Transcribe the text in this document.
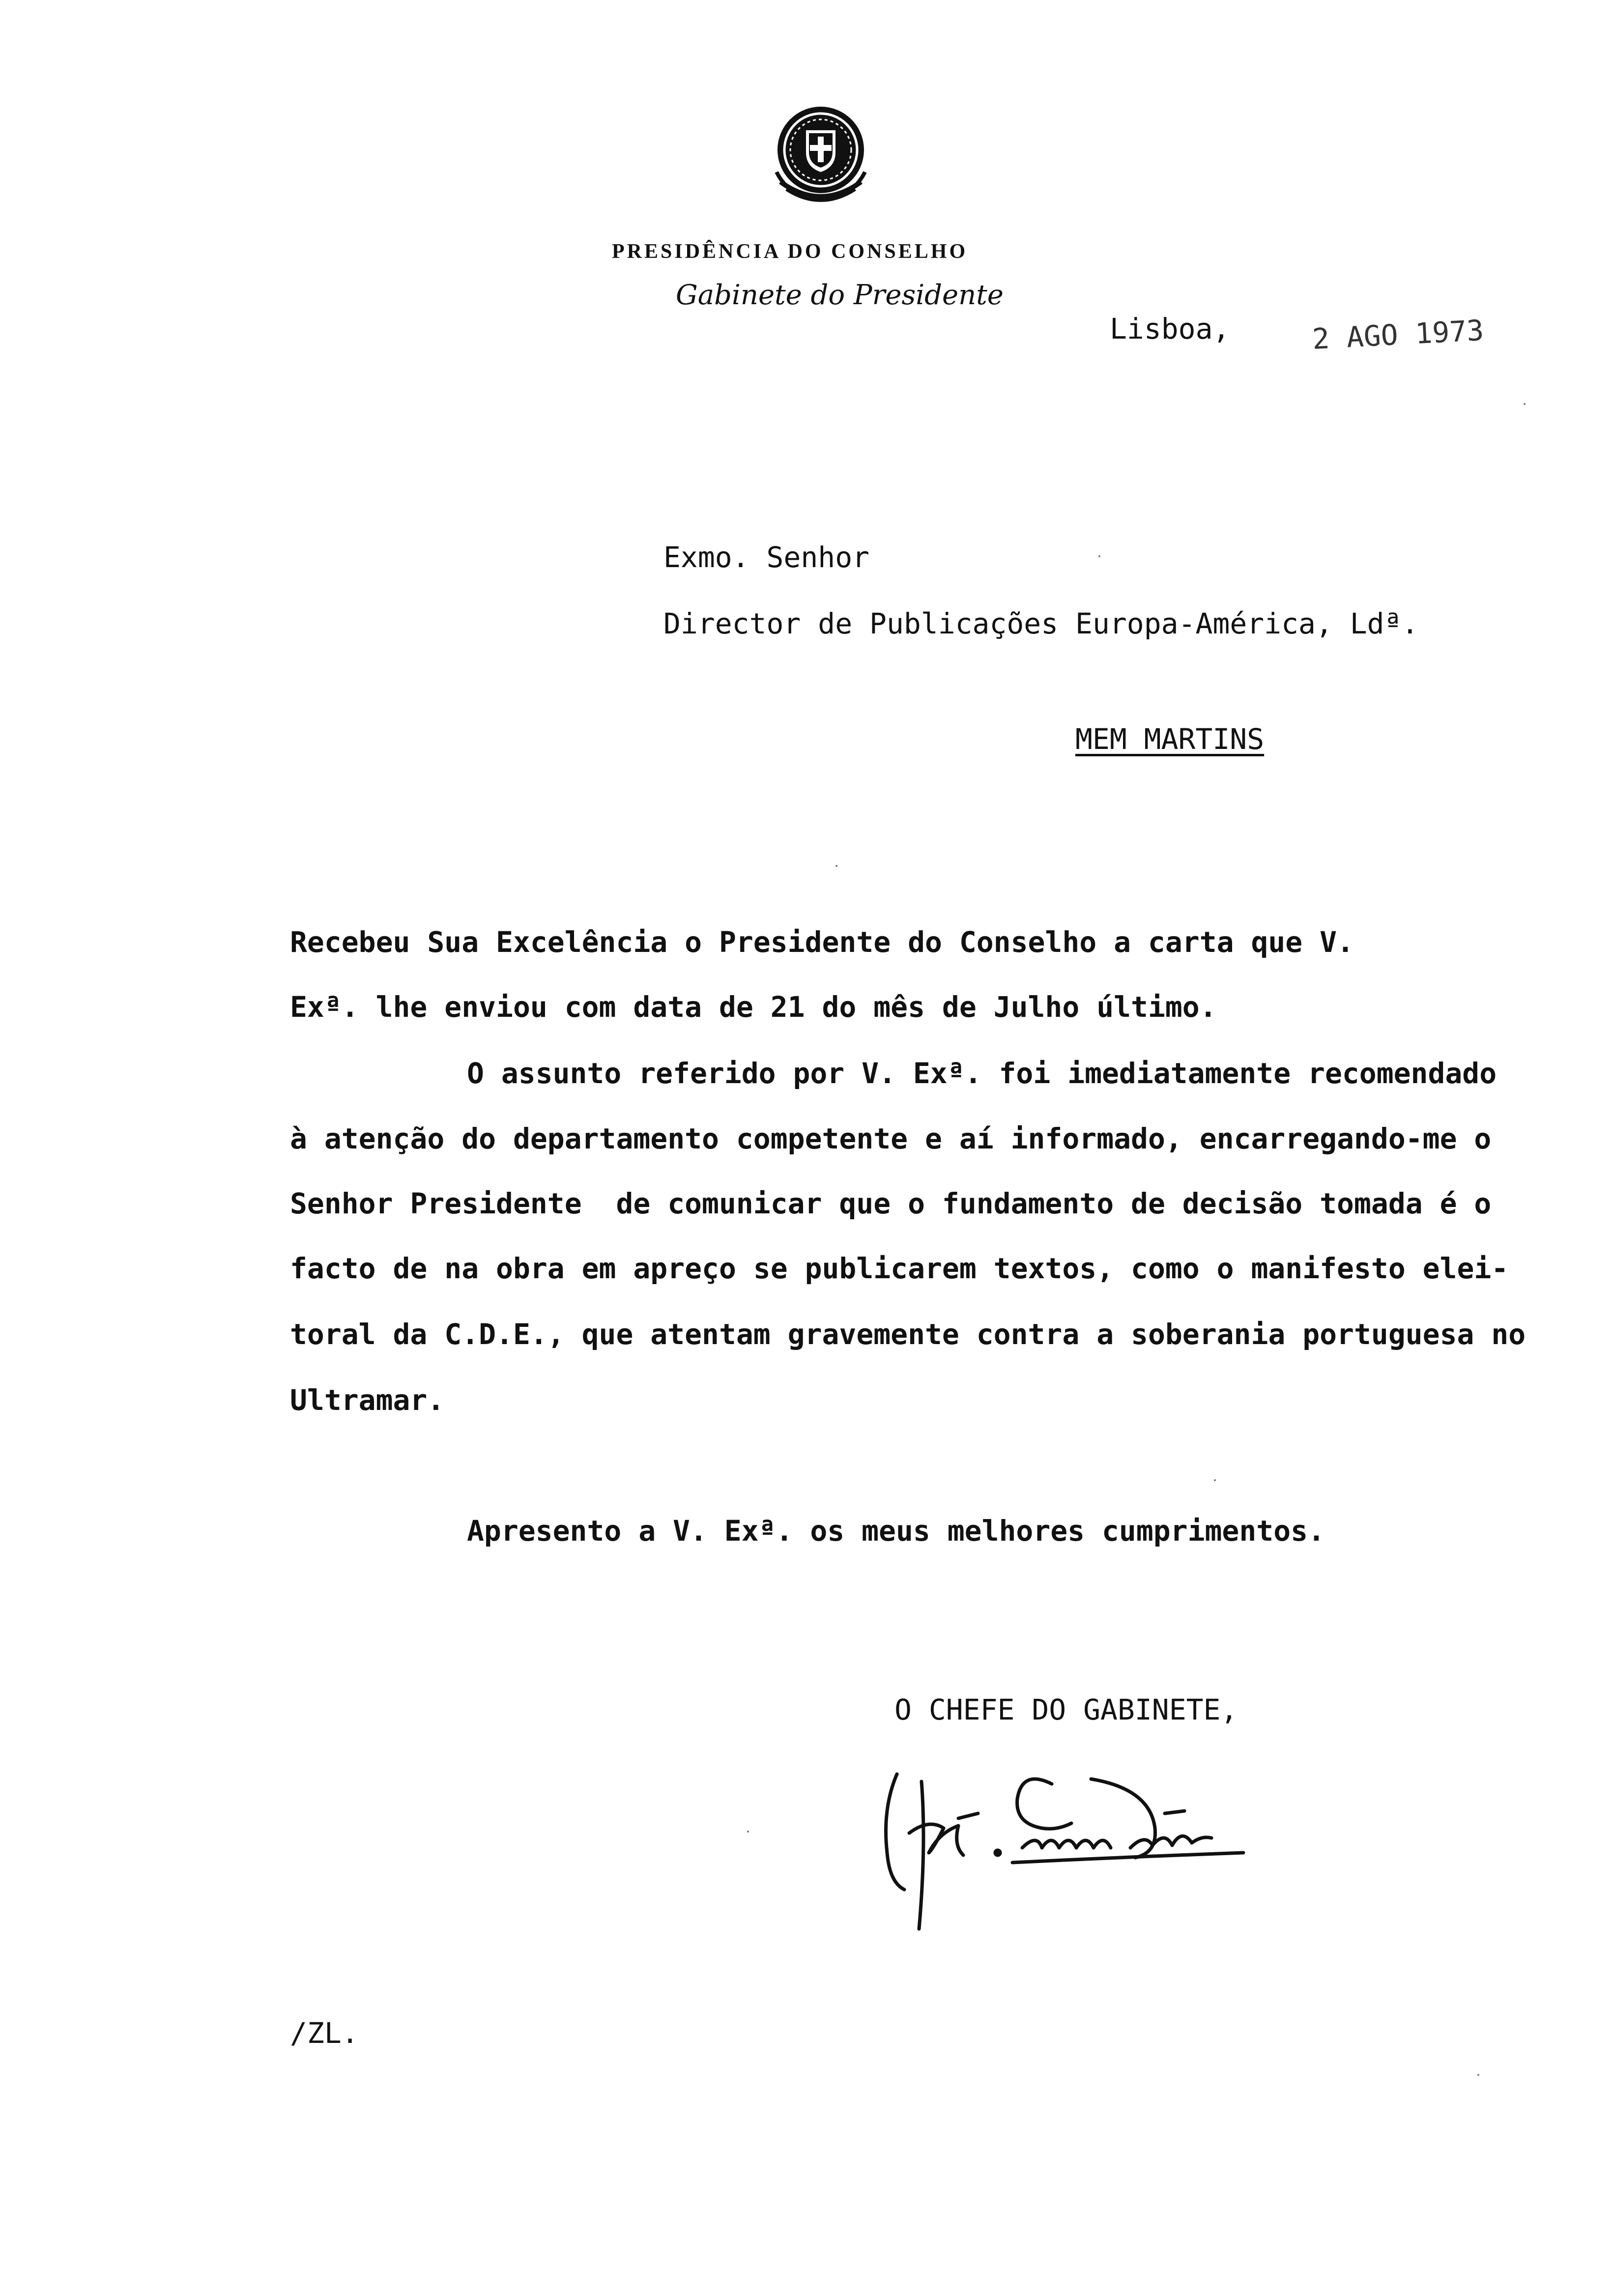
PRESIDÊNCIA DO CONSELHO
Gabinete do Presidente

Lisboa,	2 AGO 1973

Exmo. Senhor

Director de Publicações Europa-América, Ldª.

MEM MARTINS

Recebeu Sua Excelência o Presidente do Conselho a carta que V.

Exª. lhe enviou com data de 21 do mês de Julho último.

O assunto referido por V. Exª. foi imediatamente recomendado

à atenção do departamento competente e aí informado, encarregando-me o

Senhor Presidente  de comunicar que o fundamento de decisão tomada é o

facto de na obra em apreço se publicarem textos, como o manifesto elei-

toral da C.D.E., que atentam gravemente contra a soberania portuguesa no

Ultramar.

Apresento a V. Exª. os meus melhores cumprimentos.

O CHEFE DO GABINETE,

/ZL.
